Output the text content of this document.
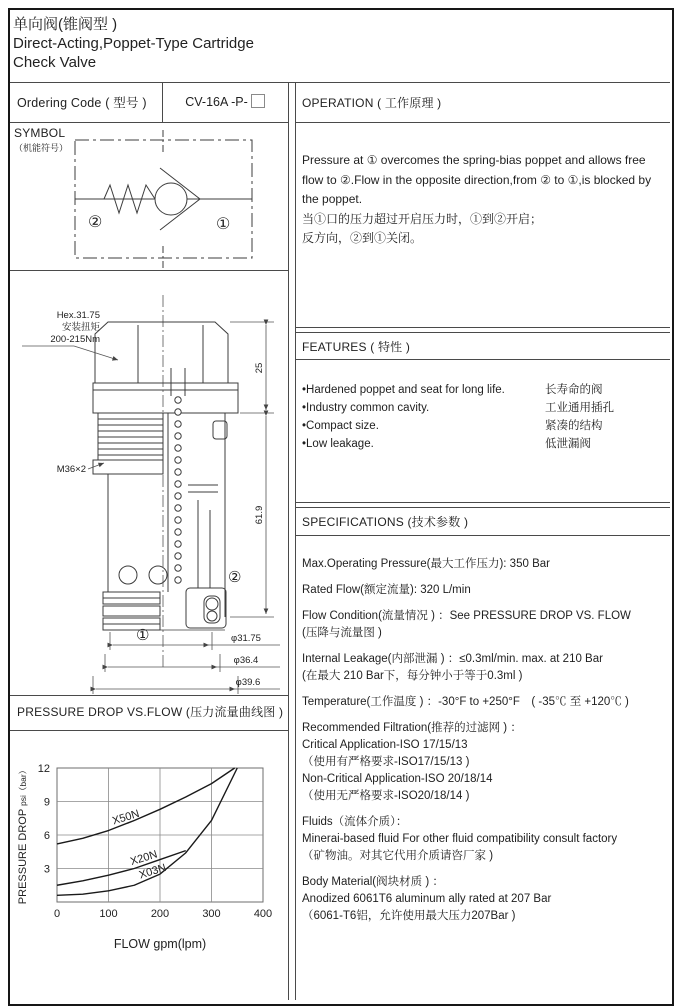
单向阀(锥阀型 )
Direct-Acting,Poppet-Type Cartridge
Check Valve
Ordering Code ( 型号 )	CV-16A -P-
SYMBOL
（机能符号）
②	①
Hex.31.75
安装扭矩
200-215Nm
M36×2
25
61.9
φ31.75
φ36.4
φ39.6
①
②
PRESSURE DROP VS.FLOW (压力流量曲线图 )
X50N
X20N
X03N
0	100	200	300	400
3
6
9
12
FLOW gpm(lpm)
PRESSURE DROP psi（bar）
OPERATION ( 工作原理 )

Pressure at ① overcomes the spring-bias poppet and allows free flow to ②.Flow in the opposite direction,from ② to ①,is blocked by the poppet.

当①口的压力超过开启压力时，①到②开启；
反方向，②到①关闭。
FEATURES ( 特性 )
•Hardened poppet and seat for long life.	长寿命的阀
•Industry common cavity.	工业通用插孔
•Compact size.	紧凑的结构
•Low leakage.	低泄漏阀
SPECIFICATIONS (技术参数 )
Max.Operating Pressure(最大工作压力): 350 Bar
Rated Flow(额定流量): 320 L/min
Flow Condition(流量情况 ) ：See PRESSURE DROP VS. FLOW
(压降与流量图 )
Internal Leakage(内部泄漏 ) ：≤0.3ml/min. max. at 210 Bar
(在最大 210 Bar下，每分钟小于等于0.3ml )
Temperature(工作温度 ) ：-30°F to +250°F　( -35℃ 至 +120℃ )
Recommended Filtration(推荐的过滤网 ) ：
Critical Application-ISO 17/15/13
（使用有严格要求-ISO17/15/13 )
Non-Critical Application-ISO 20/18/14
（使用无严格要求-ISO20/18/14 )
Fluids（流体介质）：
Minerai-based fluid For other fluid compatibility consult factory
（矿物油。对其它代用介质请咨厂家 )
Body Material(阀块材质 ) ：
Anodized 6061T6 aluminum ally rated at 207 Bar
（6061-T6铝，允许使用最大压力207Bar )
